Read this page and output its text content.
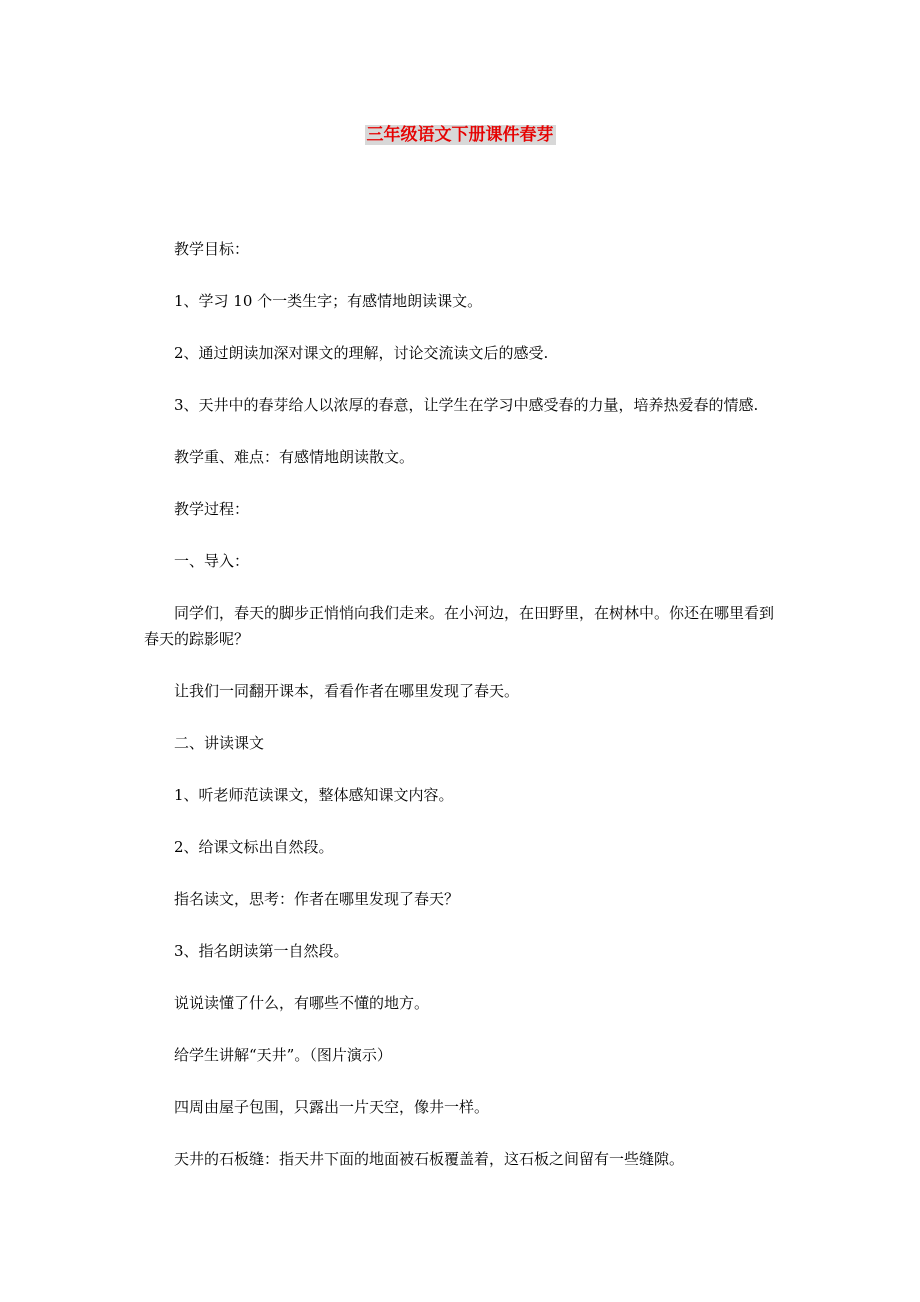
三年级语文下册课件春芽

教学目标：

1、学习 10 个一类生字；有感情地朗读课文。

2、通过朗读加深对课文的理解，讨论交流读文后的感受.

3、天井中的春芽给人以浓厚的春意，让学生在学习中感受春的力量，培养热爱春的情感.

教学重、难点：有感情地朗读散文。

教学过程：

一、导入：

同学们，春天的脚步正悄悄向我们走来。在小河边，在田野里，在树林中。你还在哪里看到春天的踪影呢？

让我们一同翻开课本，看看作者在哪里发现了春天。

二、讲读课文

1、听老师范读课文，整体感知课文内容。

2、给课文标出自然段。

指名读文，思考：作者在哪里发现了春天？

3、指名朗读第一自然段。

说说读懂了什么，有哪些不懂的地方。

给学生讲解“天井”。（图片演示）

四周由屋子包围，只露出一片天空，像井一样。

天井的石板缝：指天井下面的地面被石板覆盖着，这石板之间留有一些缝隙。
